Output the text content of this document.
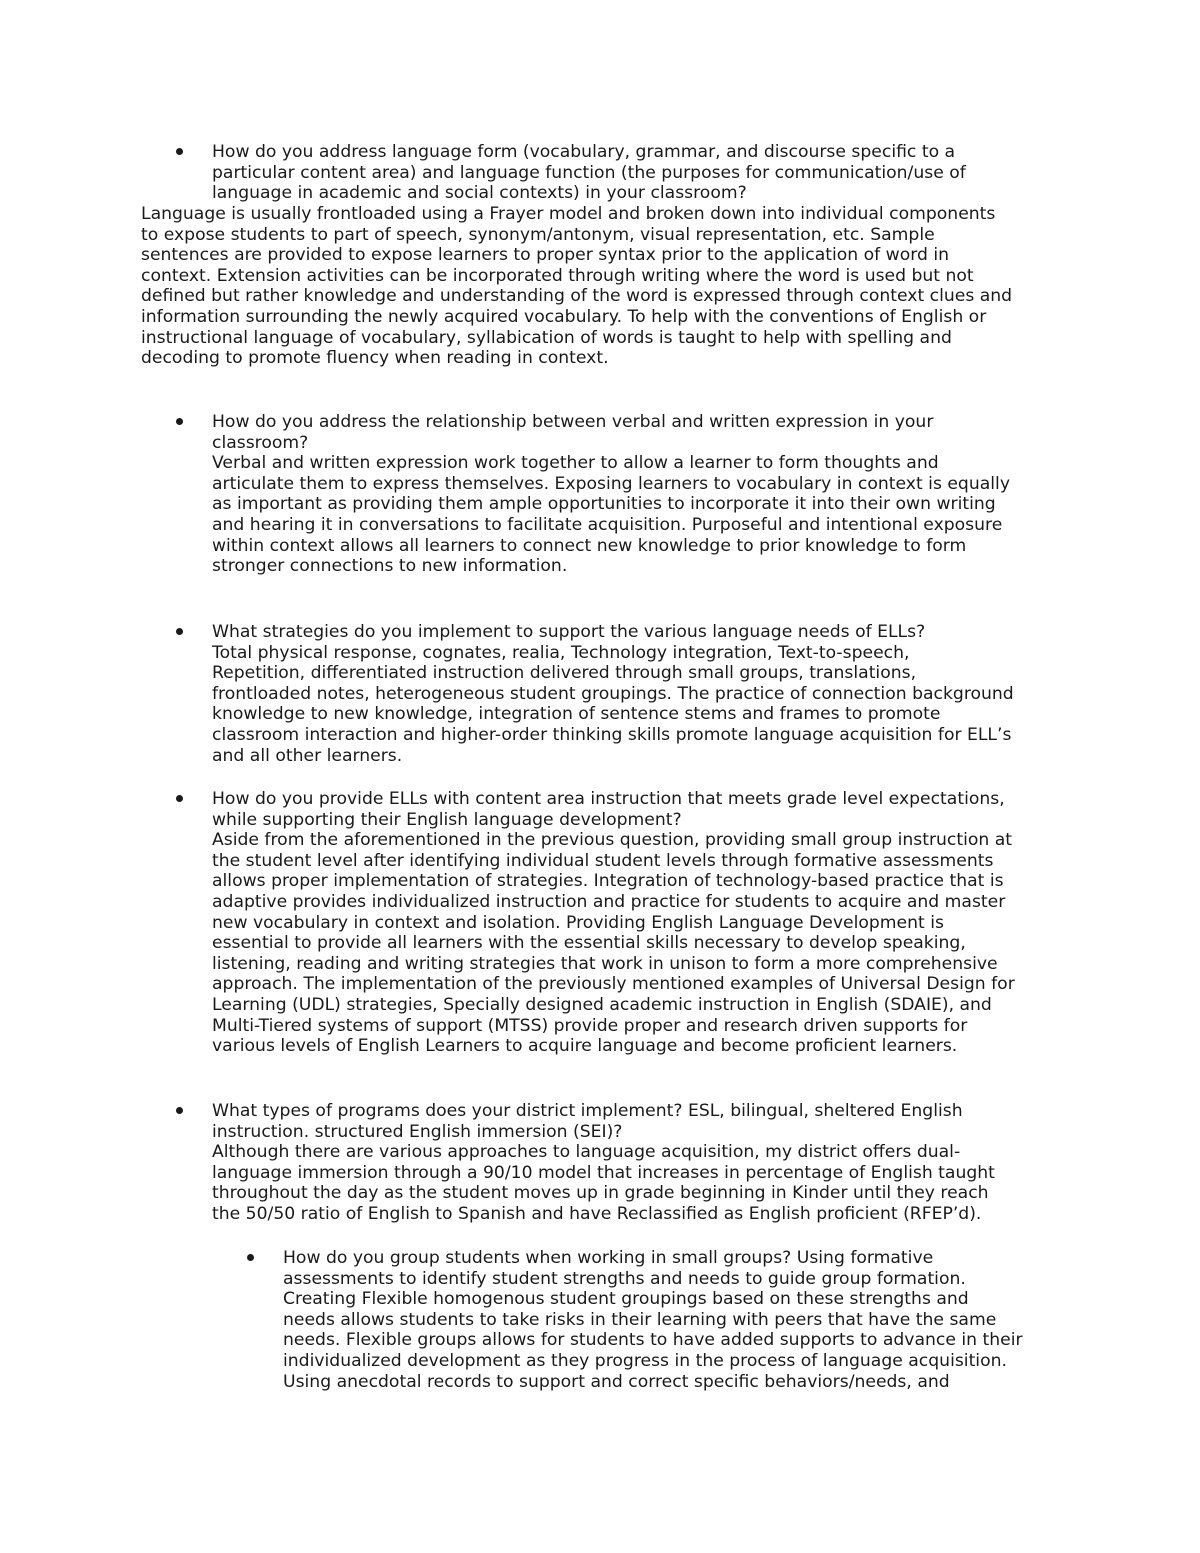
How do you address language form (vocabulary, grammar, and discourse specific to a
particular content area) and language function (the purposes for communication/use of
language in academic and social contexts) in your classroom?
Language is usually frontloaded using a Frayer model and broken down into individual components
to expose students to part of speech, synonym/antonym, visual representation, etc. Sample
sentences are provided to expose learners to proper syntax prior to the application of word in
context. Extension activities can be incorporated through writing where the word is used but not
defined but rather knowledge and understanding of the word is expressed through context clues and
information surrounding the newly acquired vocabulary. To help with the conventions of English or
instructional language of vocabulary, syllabication of words is taught to help with spelling and
decoding to promote fluency when reading in context.
How do you address the relationship between verbal and written expression in your
classroom?
Verbal and written expression work together to allow a learner to form thoughts and
articulate them to express themselves. Exposing learners to vocabulary in context is equally
as important as providing them ample opportunities to incorporate it into their own writing
and hearing it in conversations to facilitate acquisition. Purposeful and intentional exposure
within context allows all learners to connect new knowledge to prior knowledge to form
stronger connections to new information.
What strategies do you implement to support the various language needs of ELLs?
Total physical response, cognates, realia, Technology integration, Text-to-speech,
Repetition, differentiated instruction delivered through small groups, translations,
frontloaded notes, heterogeneous student groupings. The practice of connection background
knowledge to new knowledge, integration of sentence stems and frames to promote
classroom interaction and higher-order thinking skills promote language acquisition for ELL’s
and all other learners.
How do you provide ELLs with content area instruction that meets grade level expectations,
while supporting their English language development?
Aside from the aforementioned in the previous question, providing small group instruction at
the student level after identifying individual student levels through formative assessments
allows proper implementation of strategies. Integration of technology-based practice that is
adaptive provides individualized instruction and practice for students to acquire and master
new vocabulary in context and isolation. Providing English Language Development is
essential to provide all learners with the essential skills necessary to develop speaking,
listening, reading and writing strategies that work in unison to form a more comprehensive
approach. The implementation of the previously mentioned examples of Universal Design for
Learning (UDL) strategies, Specially designed academic instruction in English (SDAIE), and
Multi-Tiered systems of support (MTSS) provide proper and research driven supports for
various levels of English Learners to acquire language and become proficient learners.
What types of programs does your district implement? ESL, bilingual, sheltered English
instruction. structured English immersion (SEI)?
Although there are various approaches to language acquisition, my district offers dual-
language immersion through a 90/10 model that increases in percentage of English taught
throughout the day as the student moves up in grade beginning in Kinder until they reach
the 50/50 ratio of English to Spanish and have Reclassified as English proficient (RFEP’d).
How do you group students when working in small groups? Using formative
assessments to identify student strengths and needs to guide group formation.
Creating Flexible homogenous student groupings based on these strengths and
needs allows students to take risks in their learning with peers that have the same
needs. Flexible groups allows for students to have added supports to advance in their
individualized development as they progress in the process of language acquisition.
Using anecdotal records to support and correct specific behaviors/needs, and
